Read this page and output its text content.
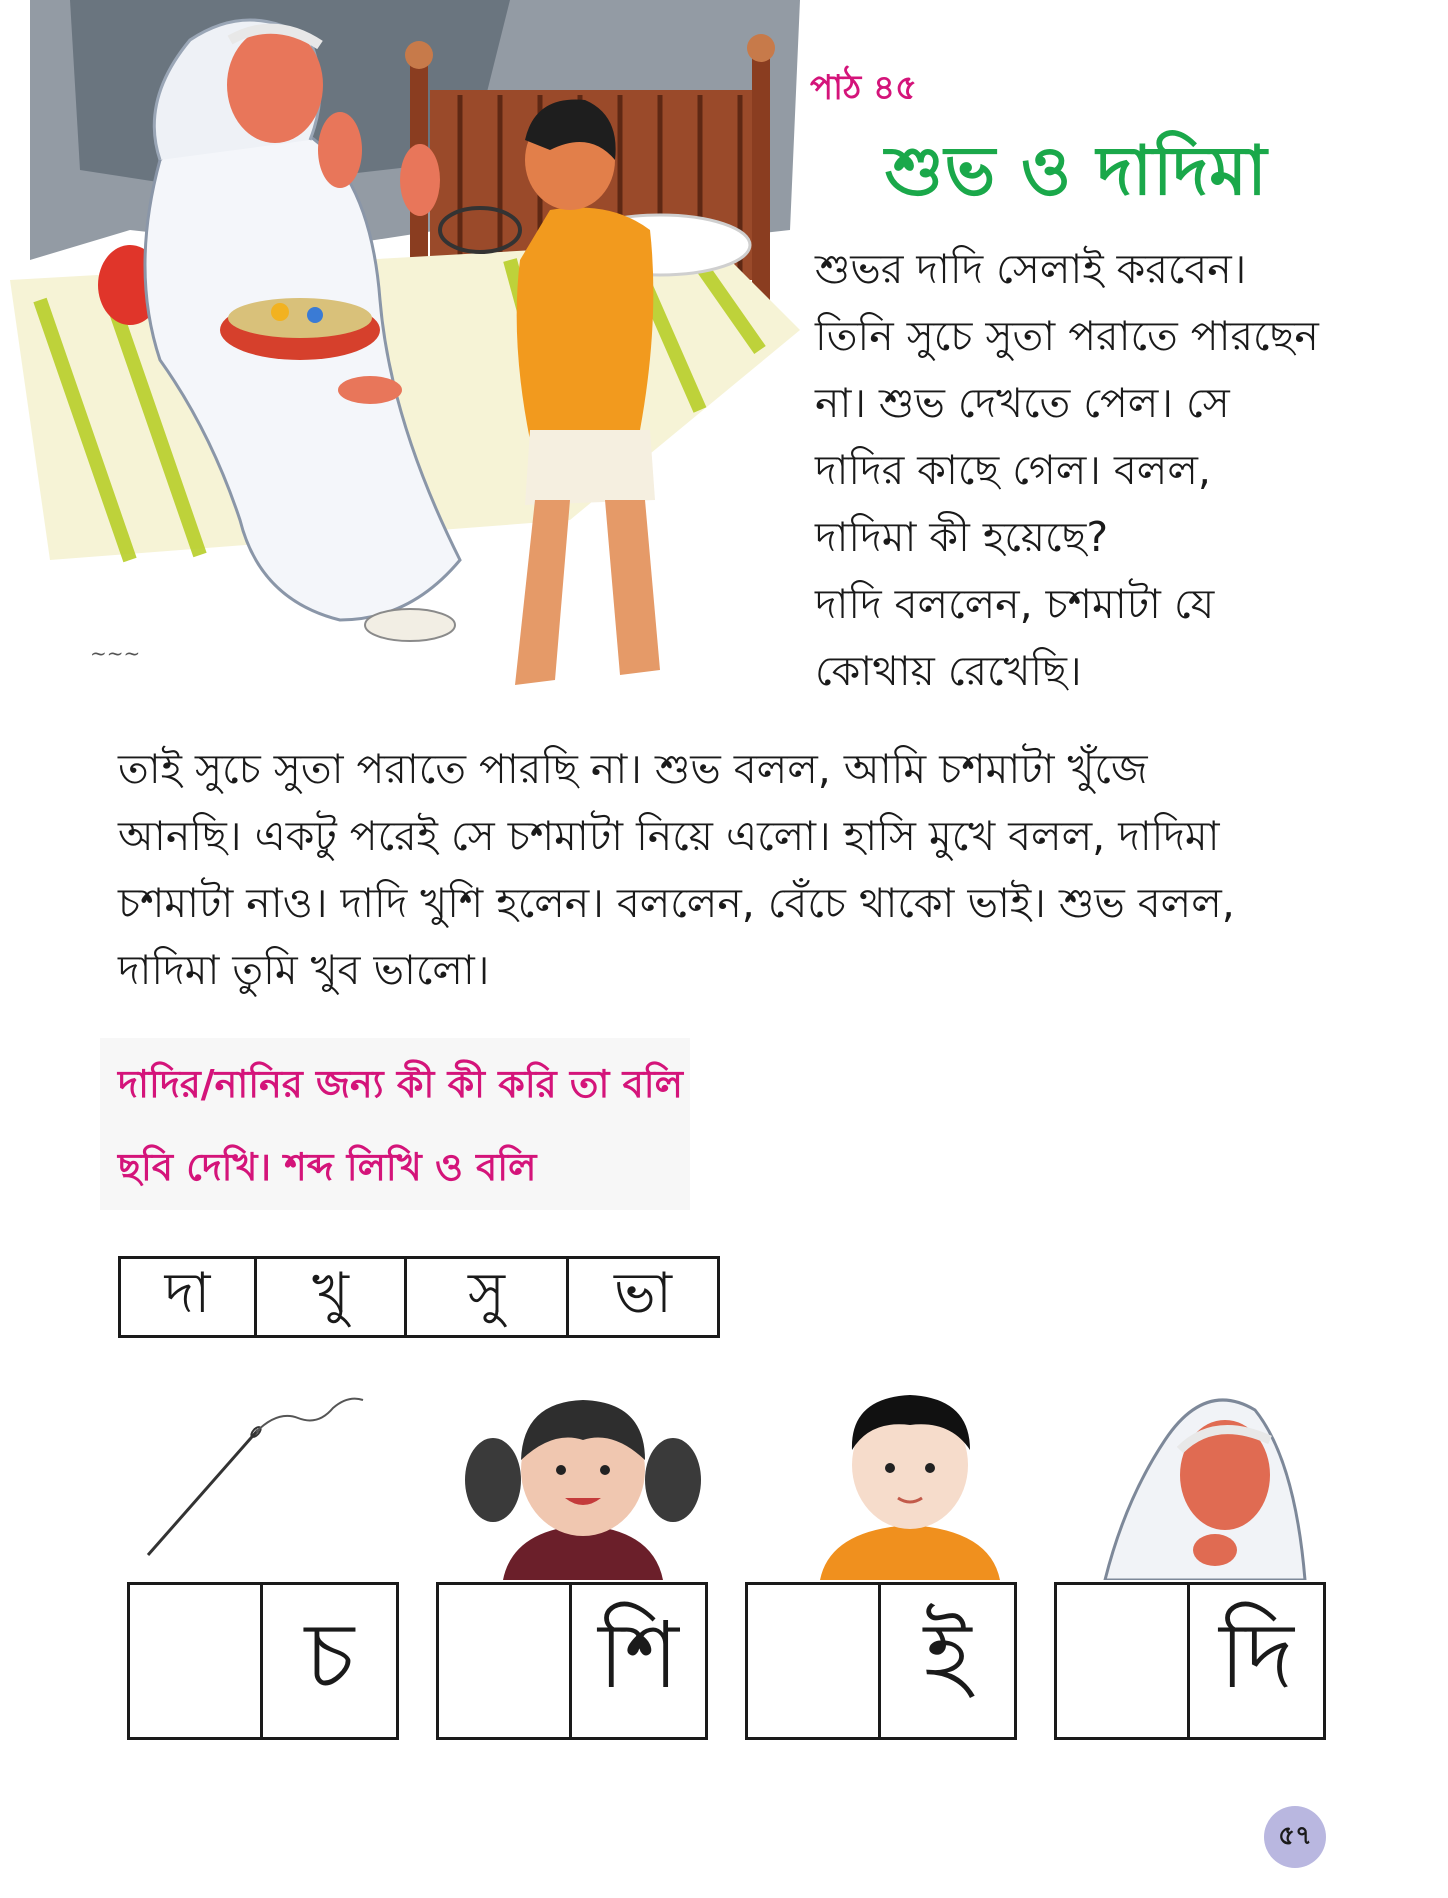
~~~
পাঠ ৪৫
শুভ ও দাদিমা
শুভর দাদি সেলাই করবেন।
তিনি সুচে সুতা পরাতে পারছেন
না। শুভ দেখতে পেল। সে
দাদির কাছে গেল। বলল,
দাদিমা কী হয়েছে?
দাদি বললেন, চশমাটা যে
কোথায় রেখেছি।
তাই সুচে সুতা পরাতে পারছি না। শুভ বলল, আমি চশমাটা খুঁজে
আনছি। একটু পরেই সে চশমাটা নিয়ে এলো। হাসি মুখে বলল, দাদিমা
চশমাটা নাও। দাদি খুশি হলেন। বললেন, বেঁচে থাকো ভাই। শুভ বলল,
দাদিমা তুমি খুব ভালো।
দাদির/নানির জন্য কী কী করি তা বলি
ছবি দেখি। শব্দ লিখি ও বলি
দা	খু	সু	ভা
চ	শি	ই	দি
৫৭
